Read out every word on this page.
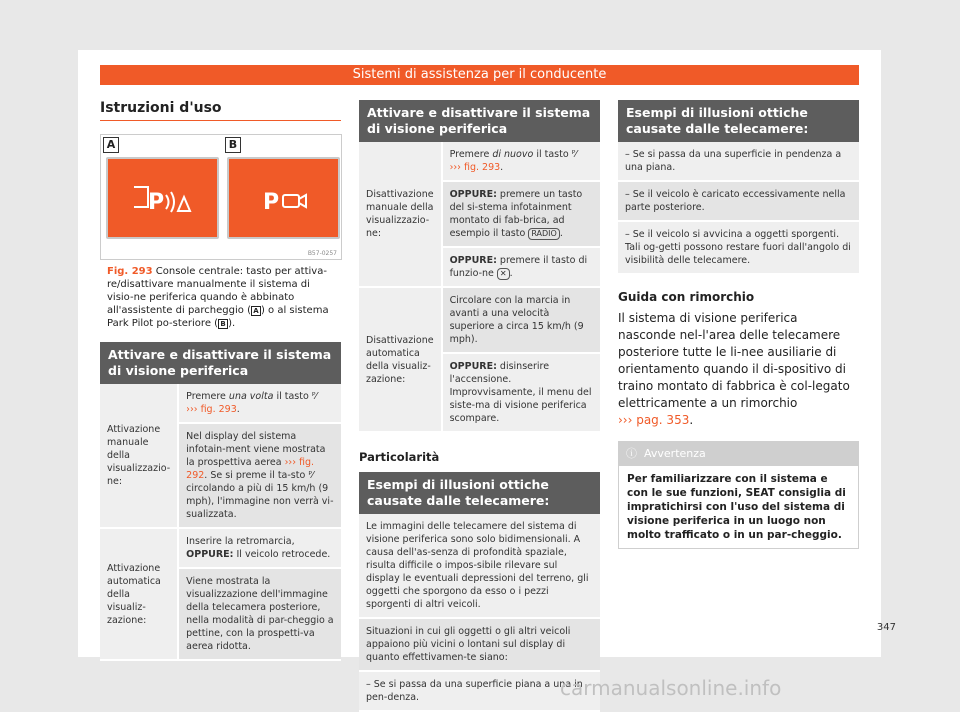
Sistemi di assistenza per il conducente
Istruzioni d'uso
A	B
P	P
B57-0257
Fig. 293 Console centrale: tasto per attiva-re/disattivare manualmente il sistema di visio-ne periferica quando è abbinato all'assistente di parcheggio ( A ) o al sistema Park Pilot po-steriore ( B ).
Attivare e disattivare il sistema di visione periferica
Attivazione manuale della visualizzazio-ne:	Premere una volta il tasto ᴾ⁄
››› fig. 293.
	Nel display del sistema infotain-ment viene mostrata la prospettiva aerea ››› fig. 292. Se si preme il ta-sto ᴾ⁄ circolando a più di 15 km/h (9 mph), l'immagine non verrà vi-sualizzata.
Attivazione automatica della visualiz-zazione:	Inserire la retromarcia,
OPPURE: Il veicolo retrocede.
	Viene mostrata la visualizzazione dell'immagine della telecamera posteriore, nella modalità di par-cheggio a pettine, con la prospetti-va aerea ridotta.
Attivare e disattivare il sistema di visione periferica
Disattivazione manuale della visualizzazio-ne:	Premere di nuovo il tasto ᴾ⁄
››› fig. 293.
	OPPURE: premere un tasto del si-stema infotainment montato di fab-brica, ad esempio il tasto RADIO .
	OPPURE: premere il tasto di funzio-ne ✕ .
Disattivazione automatica della visualiz-zazione:	Circolare con la marcia in avanti a una velocità superiore a circa 15 km/h (9 mph).
	OPPURE: disinserire l'accensione. Improvvisamente, il menu del siste-ma di visione periferica scompare.
Particolarità
Esempi di illusioni ottiche causate dalle telecamere:
Le immagini delle telecamere del sistema di visione periferica sono solo bidimensionali. A causa dell'as-senza di profondità spaziale, risulta difficile o impos-sibile rilevare sul display le eventuali depressioni del terreno, gli oggetti che sporgono da esso o i pezzi sporgenti di altri veicoli.
Situazioni in cui gli oggetti o gli altri veicoli appaiono più vicini o lontani sul display di quanto effettivamen-te siano:
– Se si passa da una superficie piana a una in pen-denza.
Esempi di illusioni ottiche causate dalle telecamere:
– Se si passa da una superficie in pendenza a una piana.
– Se il veicolo è caricato eccessivamente nella parte posteriore.
– Se il veicolo si avvicina a oggetti sporgenti. Tali og-getti possono restare fuori dall'angolo di visibilità delle telecamere.
Guida con rimorchio
Il sistema di visione periferica nasconde nel-l'area delle telecamere posteriore tutte le li-nee ausiliarie di orientamento quando il di-spositivo di traino montato di fabbrica è col-legato elettricamente a un rimorchio
››› pag. 353.
ⓘ Avvertenza
Per familiarizzare con il sistema e con le sue funzioni, SEAT consiglia di impratichirsi con l'uso del sistema di visione periferica in un luogo non molto trafficato o in un par-cheggio.
347
carmanualsonline.info
